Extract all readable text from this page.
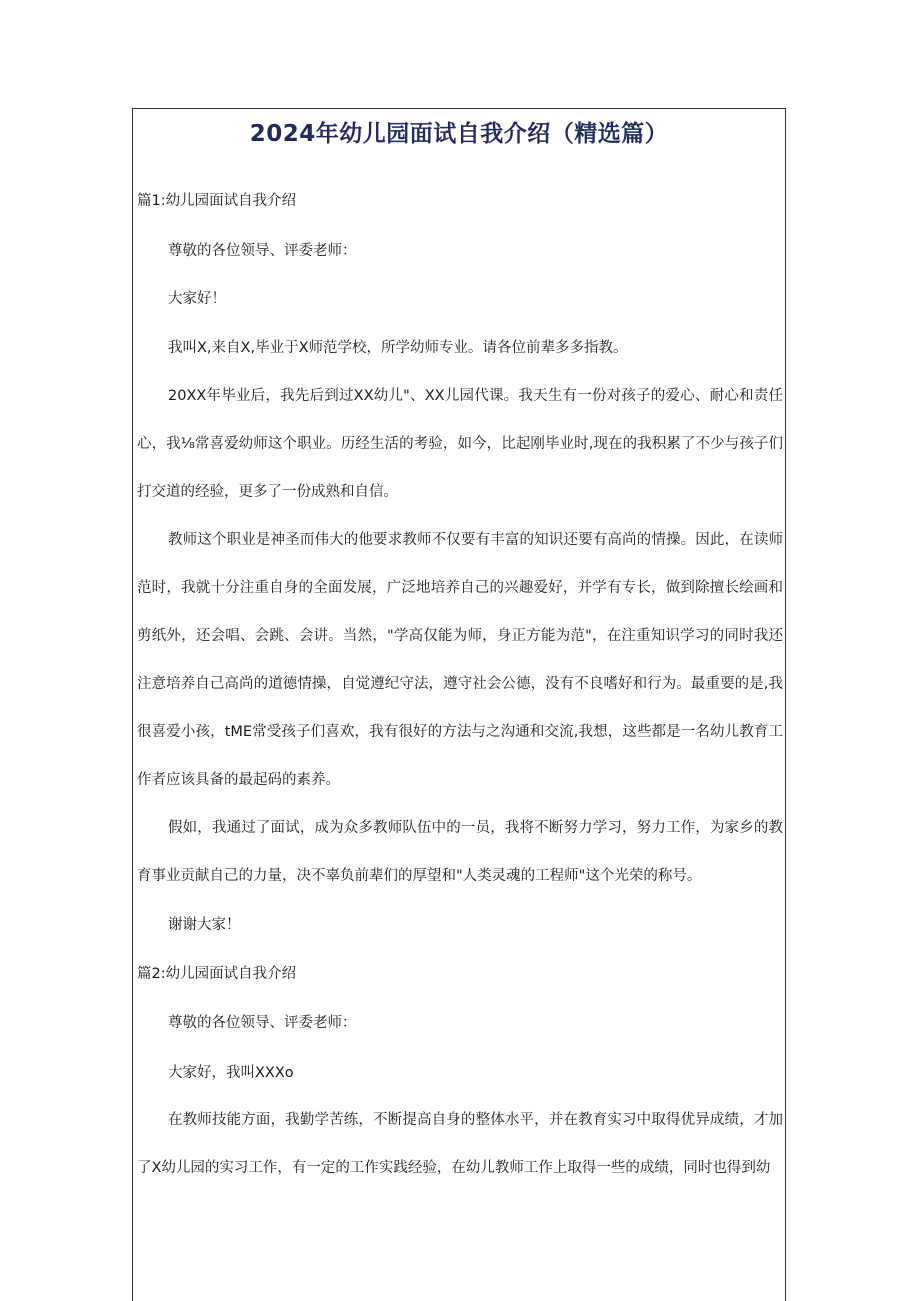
2024年幼儿园面试自我介绍（精选篇）
篇1:幼儿园面试自我介绍
尊敬的各位领导、评委老师：
大家好！
我叫X,来自X,毕业于X师范学校，所学幼师专业。请各位前辈多多指教。
20XX年毕业后，我先后到过XX幼儿"、XX儿园代课。我天生有一份对孩子的爱心、耐心和责任心，我⅛常喜爱幼师这个职业。历经生活的考验，如今，比起刚毕业时,现在的我积累了不少与孩子们打交道的经验，更多了一份成熟和自信。
教师这个职业是神圣而伟大的他要求教师不仅要有丰富的知识还要有高尚的情操。因此，在读师范时，我就十分注重自身的全面发展，广泛地培养自己的兴趣爱好，并学有专长，做到除擅长绘画和剪纸外，还会唱、会跳、会讲。当然，"学高仅能为师，身正方能为范"，在注重知识学习的同时我还注意培养自己高尚的道德情操，自觉遵纪守法，遵守社会公德，没有不良嗜好和行为。最重要的是,我很喜爱小孩，tME常受孩子们喜欢，我有很好的方法与之沟通和交流,我想，这些都是一名幼儿教育工作者应该具备的最起码的素养。
假如，我通过了面试，成为众多教师队伍中的一员，我将不断努力学习，努力工作，为家乡的教育事业贡献自己的力量，决不辜负前辈们的厚望和"人类灵魂的工程师"这个光荣的称号。
谢谢大家！
篇2:幼儿园面试自我介绍
尊敬的各位领导、评委老师：
大家好，我叫XXXo
在教师技能方面，我勤学苦练，不断提高自身的整体水平，并在教育实习中取得优异成绩，才加了X幼儿园的实习工作，有一定的工作实践经验，在幼儿教师工作上取得一些的成绩，同时也得到幼
